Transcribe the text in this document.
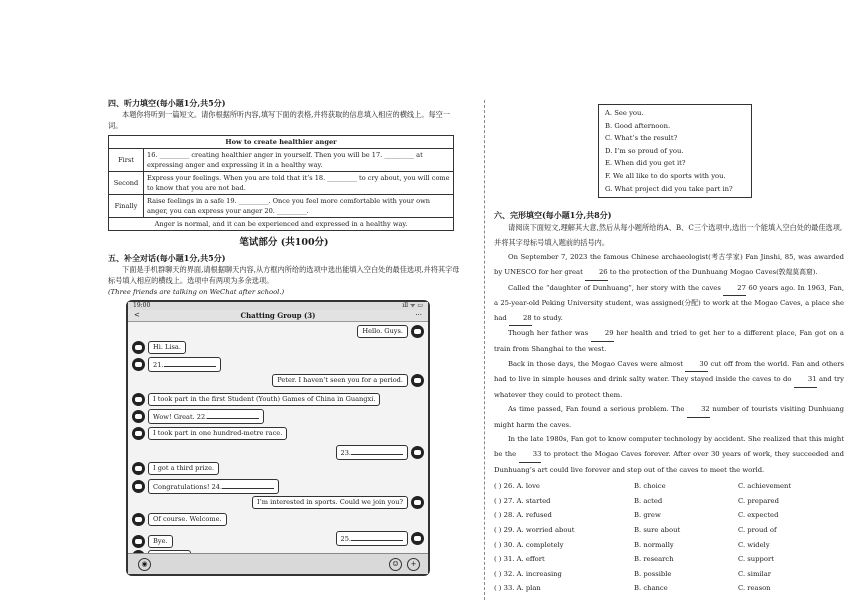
四、听力填空(每小题1分,共5分)

本题你将听到一篇短文。请你根据所听内容,填写下面的表格,并将获取的信息填入相应的横线上。每空一词。

How to create healthier anger	
First	16. _________ creating healthier anger in yourself. Then you will be 17. _________ at expressing anger and expressing it in a healthy way.
Second	Express your feelings. When you are told that it’s 18. _________ to cry about, you will come to know that you are not bad.
Finally	Raise feelings in a safe 19. _________. Once you feel more comfortable with your own anger, you can express your anger 20. _________.
Anger is normal, and it can be experienced and expressed in a healthy way.	

笔试部分 (共100分)

五、补全对话(每小题1分,共5分)

下面是手机群聊天的界面,请根据聊天内容,从方框内所给的选项中选出能填入空白处的最佳选项,并将其字母标号填入相应的横线上。选项中有两项为多余选项。

(Three friends are talking on WeChat after school.)

19:00	ıll ᯤ ▭
<	Chatting Group (3)	···
Hello. Guys.
Hi. Lisa.
21.
Peter. I haven’t seen you for a period.
I took part in the first Student (Youth) Games of China in Guangxi.
Wow! Great. 22.
I took part in one hundred-metre race.
23.
I got a third prize.
Congratulations! 24.
I’m interested in sports. Could we join you?
Of course. Welcome.
25.
Bye.
◉	☺	+
A. See you.
B. Good afternoon.
C. What’s the result?
D. I’m so proud of you.
E. When did you get it?
F. We all like to do sports with you.
G. What project did you take part in?

六、完形填空(每小题1分,共8分)

请阅读下面短文,理解其大意,然后从每小题所给的A、B、C三个选项中,选出一个能填入空白处的最佳选项,并将其字母标号填入题前的括号内。

On September 7, 2023 the famous Chinese archaeologist(考古学家) Fan Jinshi, 85, was awarded by UNESCO for her great 26 to the protection of the Dunhuang Mogao Caves(敦煌莫高窟).

Called the “daughter of Dunhuang”, her story with the caves 27 60 years ago. In 1963, Fan, a 25-year-old Peking University student, was assigned(分配) to work at the Mogao Caves, a place she had 28 to study.

Though her father was 29 her health and tried to get her to a different place, Fan got on a train from Shanghai to the west.

Back in those days, the Mogao Caves were almost 30 cut off from the world. Fan and others had to live in simple houses and drink salty water. They stayed inside the caves to do 31 and try whatever they could to protect them.

As time passed, Fan found a serious problem. The 32 number of tourists visiting Dunhuang might harm the caves.

In the late 1980s, Fan got to know computer technology by accident. She realized that this might be the 33 to protect the Mogao Caves forever. After over 30 years of work, they succeeded and Dunhuang’s art could live forever and step out of the caves to meet the world.

( ) 26. A. love	B. choice	C. achievement
( ) 27. A. started	B. acted	C. prepared
( ) 28. A. refused	B. grew	C. expected
( ) 29. A. worried about	B. sure about	C. proud of
( ) 30. A. completely	B. normally	C. widely
( ) 31. A. effort	B. research	C. support
( ) 32. A. increasing	B. possible	C. similar
( ) 33. A. plan	B. chance	C. reason
